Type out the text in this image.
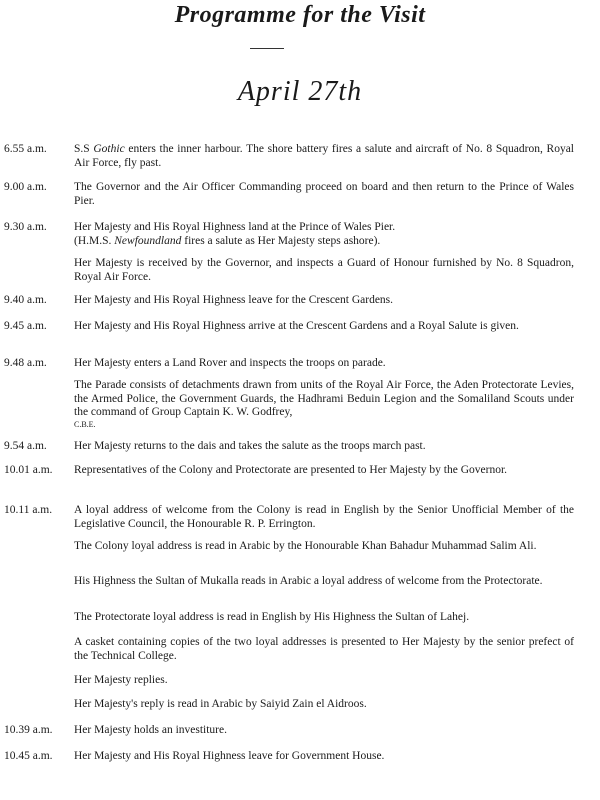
Programme for the Visit
April 27th
6.55 a.m.	S.S Gothic enters the inner harbour. The shore battery fires a salute and aircraft of No. 8 Squadron, Royal Air Force, fly past.
9.00 a.m.	The Governor and the Air Officer Commanding proceed on board and then return to the Prince of Wales Pier.
9.30 a.m.	Her Majesty and His Royal Highness land at the Prince of Wales Pier.
(H.M.S. Newfoundland fires a salute as Her Majesty steps ashore).
Her Majesty is received by the Governor, and inspects a Guard of Honour furnished by No. 8 Squadron, Royal Air Force.
9.40 a.m.	Her Majesty and His Royal Highness leave for the Crescent Gardens.
9.45 a.m.	Her Majesty and His Royal Highness arrive at the Crescent Gardens and a Royal Salute is given.
9.48 a.m.	Her Majesty enters a Land Rover and inspects the troops on parade.
The Parade consists of detachments drawn from units of the Royal Air Force, the Aden Protectorate Levies, the Armed Police, the Government Guards, the Hadhrami Beduin Legion and the Somaliland Scouts under the command of Group Captain K. W. Godfrey,
C.B.E.
9.54 a.m.	Her Majesty returns to the dais and takes the salute as the troops march past.
10.01 a.m.	Representatives of the Colony and Protectorate are presented to Her Majesty by the Governor.
10.11 a.m.	A loyal address of welcome from the Colony is read in English by the Senior Unofficial Member of the Legislative Council, the Honourable R. P. Errington.
The Colony loyal address is read in Arabic by the Honourable Khan Bahadur Muhammad Salim Ali.
His Highness the Sultan of Mukalla reads in Arabic a loyal address of welcome from the Protectorate.
The Protectorate loyal address is read in English by His Highness the Sultan of Lahej.
A casket containing copies of the two loyal addresses is presented to Her Majesty by the senior prefect of the Technical College.
Her Majesty replies.
Her Majesty's reply is read in Arabic by Saiyid Zain el Aidroos.
10.39 a.m.	Her Majesty holds an investiture.
10.45 a.m.	Her Majesty and His Royal Highness leave for Government House.
